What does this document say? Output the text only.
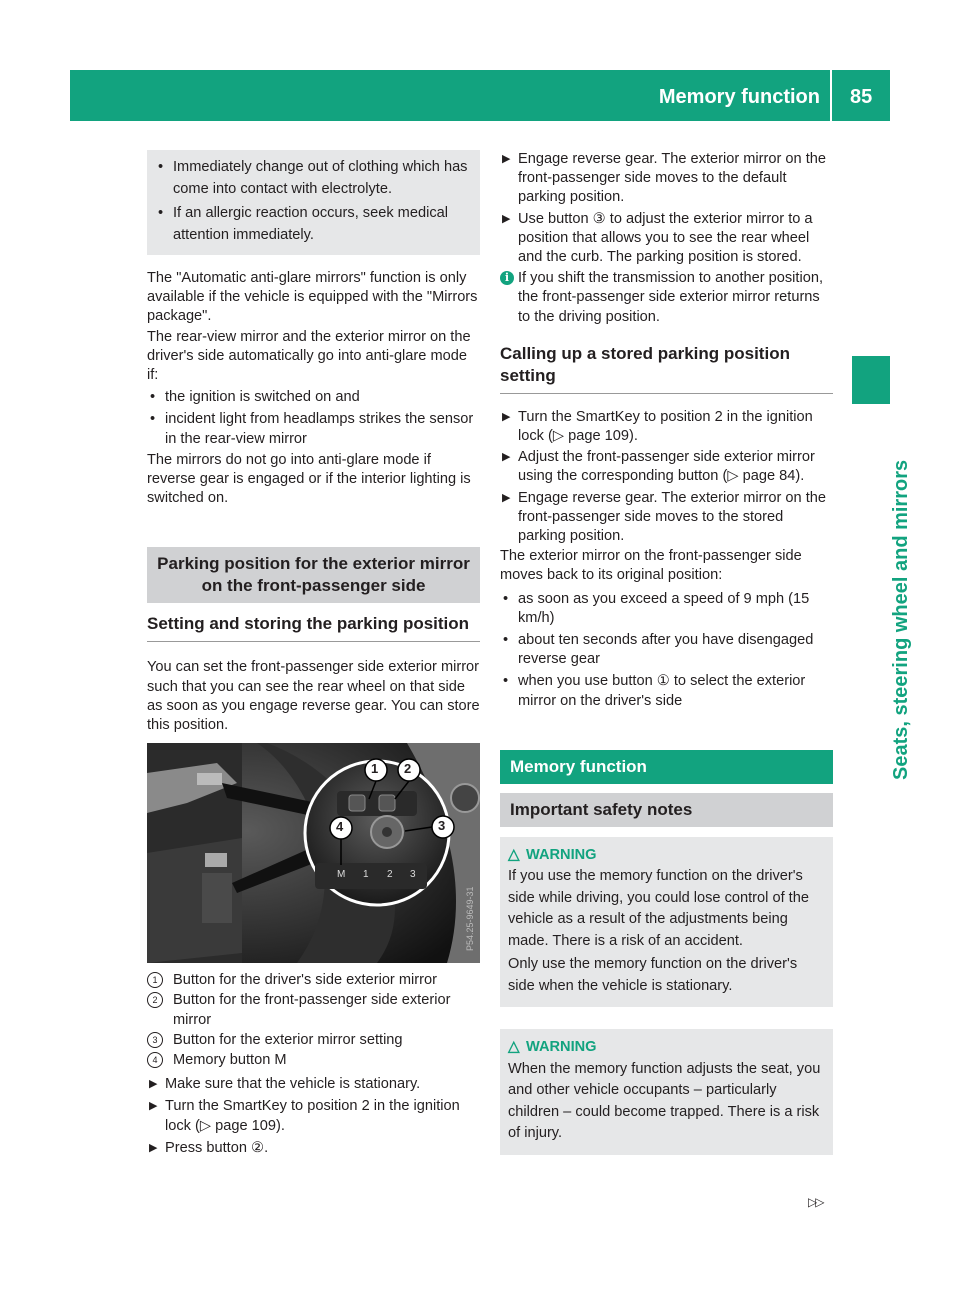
Memory function 85
Seats, steering wheel and mirrors

• Immediately change out of clothing which has come into contact with electrolyte.

• If an allergic reaction occurs, seek medical attention immediately.

The "Automatic anti-glare mirrors" function is only available if the vehicle is equipped with the "Mirrors package".

The rear-view mirror and the exterior mirror on the driver's side automatically go into anti-glare mode if:

• the ignition is switched on and

• incident light from headlamps strikes the sensor in the rear-view mirror

The mirrors do not go into anti-glare mode if reverse gear is engaged or if the interior lighting is switched on.

Parking position for the exterior mirror on the front-passenger side
Setting and storing the parking position

You can set the front-passenger side exterior mirror such that you can see the rear wheel on that side as soon as you engage reverse gear. You can store this position.

1 2
3
4
M 1 2 3
P54.25-9649-31

1	Button for the driver's side exterior mirror

2	Button for the front-passenger side exterior mirror

3	Button for the exterior mirror setting

4	Memory button M

▶ Make sure that the vehicle is stationary.

▶ Turn the SmartKey to position 2 in the ignition lock (▷ page 109).

▶ Press button ②.

▶ Engage reverse gear. The exterior mirror on the front-passenger side moves to the default parking position.

▶ Use button ③ to adjust the exterior mirror to a position that allows you to see the rear wheel and the curb. The parking position is stored.

i If you shift the transmission to another position, the front-passenger side exterior mirror returns to the driving position.
Calling up a stored parking position setting

▶ Turn the SmartKey to position 2 in the ignition lock (▷ page 109).

▶ Adjust the front-passenger side exterior mirror using the corresponding button (▷ page 84).

▶ Engage reverse gear. The exterior mirror on the front-passenger side moves to the stored parking position.

The exterior mirror on the front-passenger side moves back to its original position:

• as soon as you exceed a speed of 9 mph (15 km/h)

• about ten seconds after you have disengaged reverse gear

• when you use button ① to select the exterior mirror on the driver's side

Memory function
Important safety notes

△ WARNING

If you use the memory function on the driver's side while driving, you could lose control of the vehicle as a result of the adjustments being made. There is a risk of an accident.

Only use the memory function on the driver's side when the vehicle is stationary.

△ WARNING

When the memory function adjusts the seat, you and other vehicle occupants – particularly children – could become trapped. There is a risk of injury.

▷▷
